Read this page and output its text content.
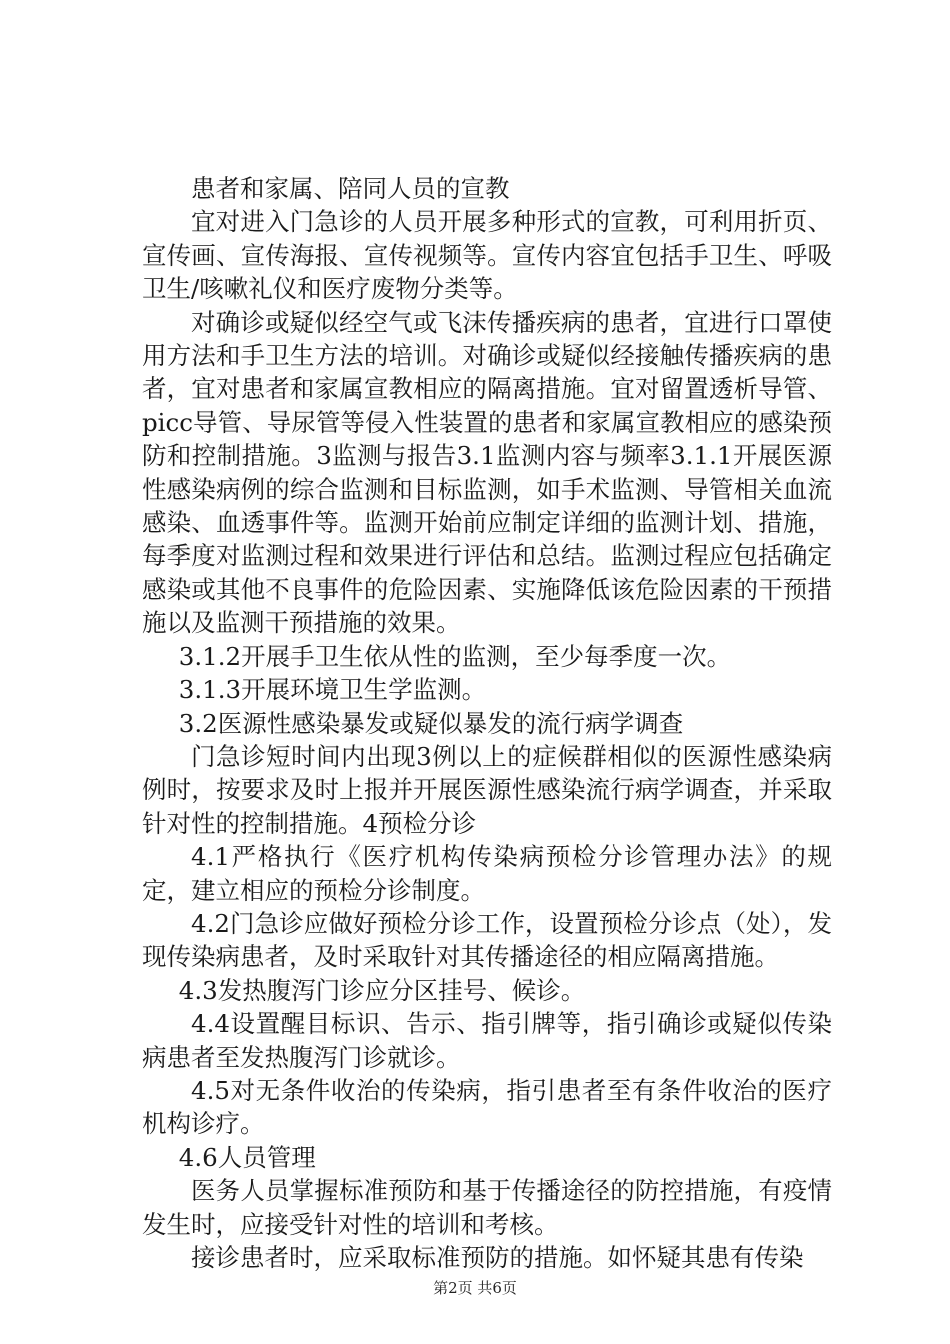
患者和家属、陪同人员的宣教

宜对进入门急诊的人员开展多种形式的宣教，可利用折页、宣传画、宣传海报、宣传视频等。宣传内容宜包括手卫生、呼吸卫生/咳嗽礼仪和医疗废物分类等。

对确诊或疑似经空气或飞沫传播疾病的患者，宜进行口罩使用方法和手卫生方法的培训。对确诊或疑似经接触传播疾病的患者，宜对患者和家属宣教相应的隔离措施。宜对留置透析导管、picc导管、导尿管等侵入性装置的患者和家属宣教相应的感染预防和控制措施。3监测与报告3.1监测内容与频率3.1.1开展医源性感染病例的综合监测和目标监测，如手术监测、导管相关血流感染、血透事件等。监测开始前应制定详细的监测计划、措施，每季度对监测过程和效果进行评估和总结。监测过程应包括确定感染或其他不良事件的危险因素、实施降低该危险因素的干预措施以及监测干预措施的效果。

3.1.2开展手卫生依从性的监测，至少每季度一次。

3.1.3开展环境卫生学监测。

3.2医源性感染暴发或疑似暴发的流行病学调查

门急诊短时间内出现3例以上的症候群相似的医源性感染病例时，按要求及时上报并开展医源性感染流行病学调查，并采取针对性的控制措施。4预检分诊

4.1严格执行《医疗机构传染病预检分诊管理办法》的规定，建立相应的预检分诊制度。

4.2门急诊应做好预检分诊工作，设置预检分诊点（处），发现传染病患者，及时采取针对其传播途径的相应隔离措施。

4.3发热腹泻门诊应分区挂号、候诊。

4.4设置醒目标识、告示、指引牌等，指引确诊或疑似传染病患者至发热腹泻门诊就诊。

4.5对无条件收治的传染病，指引患者至有条件收治的医疗机构诊疗。

4.6人员管理

医务人员掌握标准预防和基于传播途径的防控措施，有疫情发生时，应接受针对性的培训和考核。

接诊患者时，应采取标准预防的措施。如怀疑其患有传染

第2页 共6页
